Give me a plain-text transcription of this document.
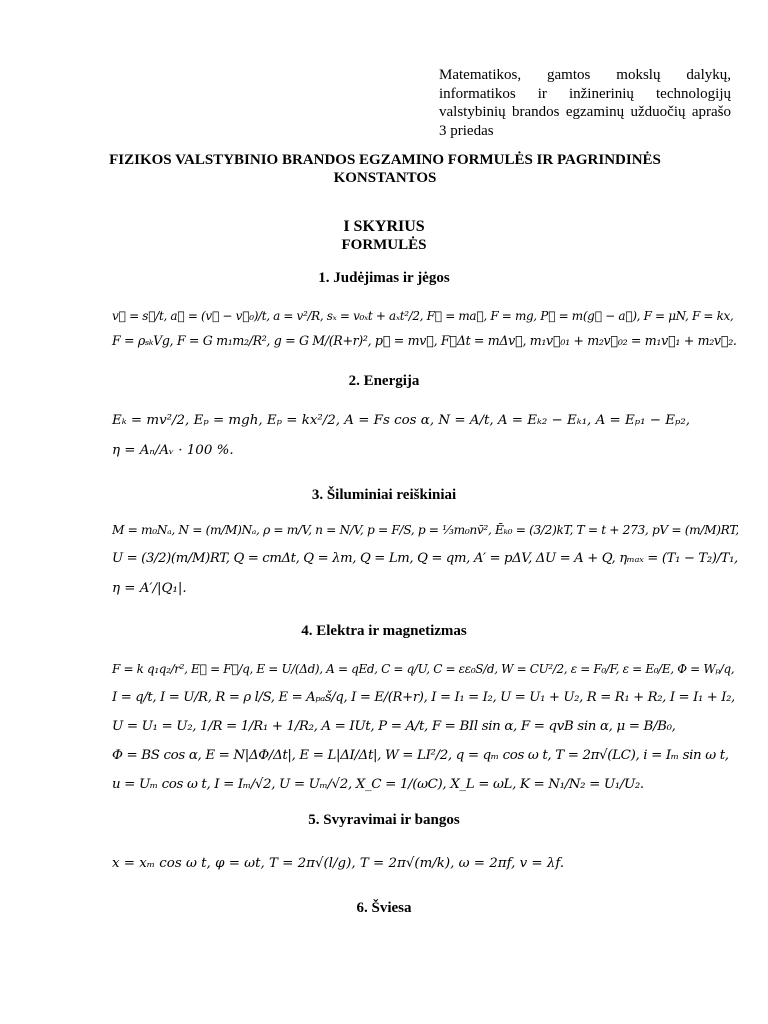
Matematikos, gamtos mokslų dalykų,
informatikos ir inžinerinių technologijų
valstybinių brandos egzaminų užduočių aprašo
3 priedas
FIZIKOS VALSTYBINIO BRANDOS EGZAMINO FORMULĖS IR PAGRINDINĖS
KONSTANTOS
I SKYRIUS
FORMULĖS
1. Judėjimas ir jėgos
v⃗ = s⃗/t, a⃗ = (v⃗ − v⃗₀)/t, a = v²/R, sₓ = v₀ₓt + aₓt²/2, F⃗ = ma⃗, F = mg, P⃗ = m(g⃗ − a⃗), F = μN, F = kx,
F = ρₛₖVg, F = G m₁m₂/R², g = G M/(R+r)², p⃗ = mv⃗, F⃗Δt = mΔv⃗, m₁v⃗₀₁ + m₂v⃗₀₂ = m₁v⃗₁ + m₂v⃗₂.
2. Energija
Eₖ = mv²/2, Eₚ = mgh, Eₚ = kx²/2, A = Fs cos α, N = A/t, A = Eₖ₂ − Eₖ₁, A = Eₚ₁ − Eₚ₂,
η = Aₙ/Aᵥ · 100 %.
3. Šiluminiai reiškiniai
M = m₀Nₐ, N = (m/M)Nₐ, ρ = m/V, n = N/V, p = F/S, p = ⅓m₀nv̄², Ēₖ₀ = (3/2)kT, T = t + 273, pV = (m/M)RT,
U = (3/2)(m/M)RT, Q = cmΔt, Q = λm, Q = Lm, Q = qm, A′ = pΔV, ΔU = A + Q, ηₘₐₓ = (T₁ − T₂)/T₁,
η = A′/|Q₁|.
4. Elektra ir magnetizmas
F = k q₁q₂/r², E⃗ = F⃗/q, E = U/(Δd), A = qEd, C = q/U, C = εε₀S/d, W = CU²/2, ε = F₀/F, ε = E₀/E, Φ = Wₚ/q,
I = q/t, I = U/R, R = ρ l/S, E = Aₚₐš/q, I = E/(R+r), I = I₁ = I₂, U = U₁ + U₂, R = R₁ + R₂, I = I₁ + I₂,
U = U₁ = U₂, 1/R = 1/R₁ + 1/R₂, A = IUt, P = A/t, F = BIl sin α, F = qvB sin α, μ = B/B₀,
Φ = BS cos α, E = N|ΔΦ/Δt|, E = L|ΔI/Δt|, W = LI²/2, q = qₘ cos ω t, T = 2π√(LC), i = Iₘ sin ω t,
u = Uₘ cos ω t, I = Iₘ/√2, U = Uₘ/√2, X_C = 1/(ωC), X_L = ωL, K = N₁/N₂ = U₁/U₂.
5. Svyravimai ir bangos
x = xₘ cos ω t, φ = ωt, T = 2π√(l/g), T = 2π√(m/k), ω = 2πf, v = λf.
6. Šviesa
